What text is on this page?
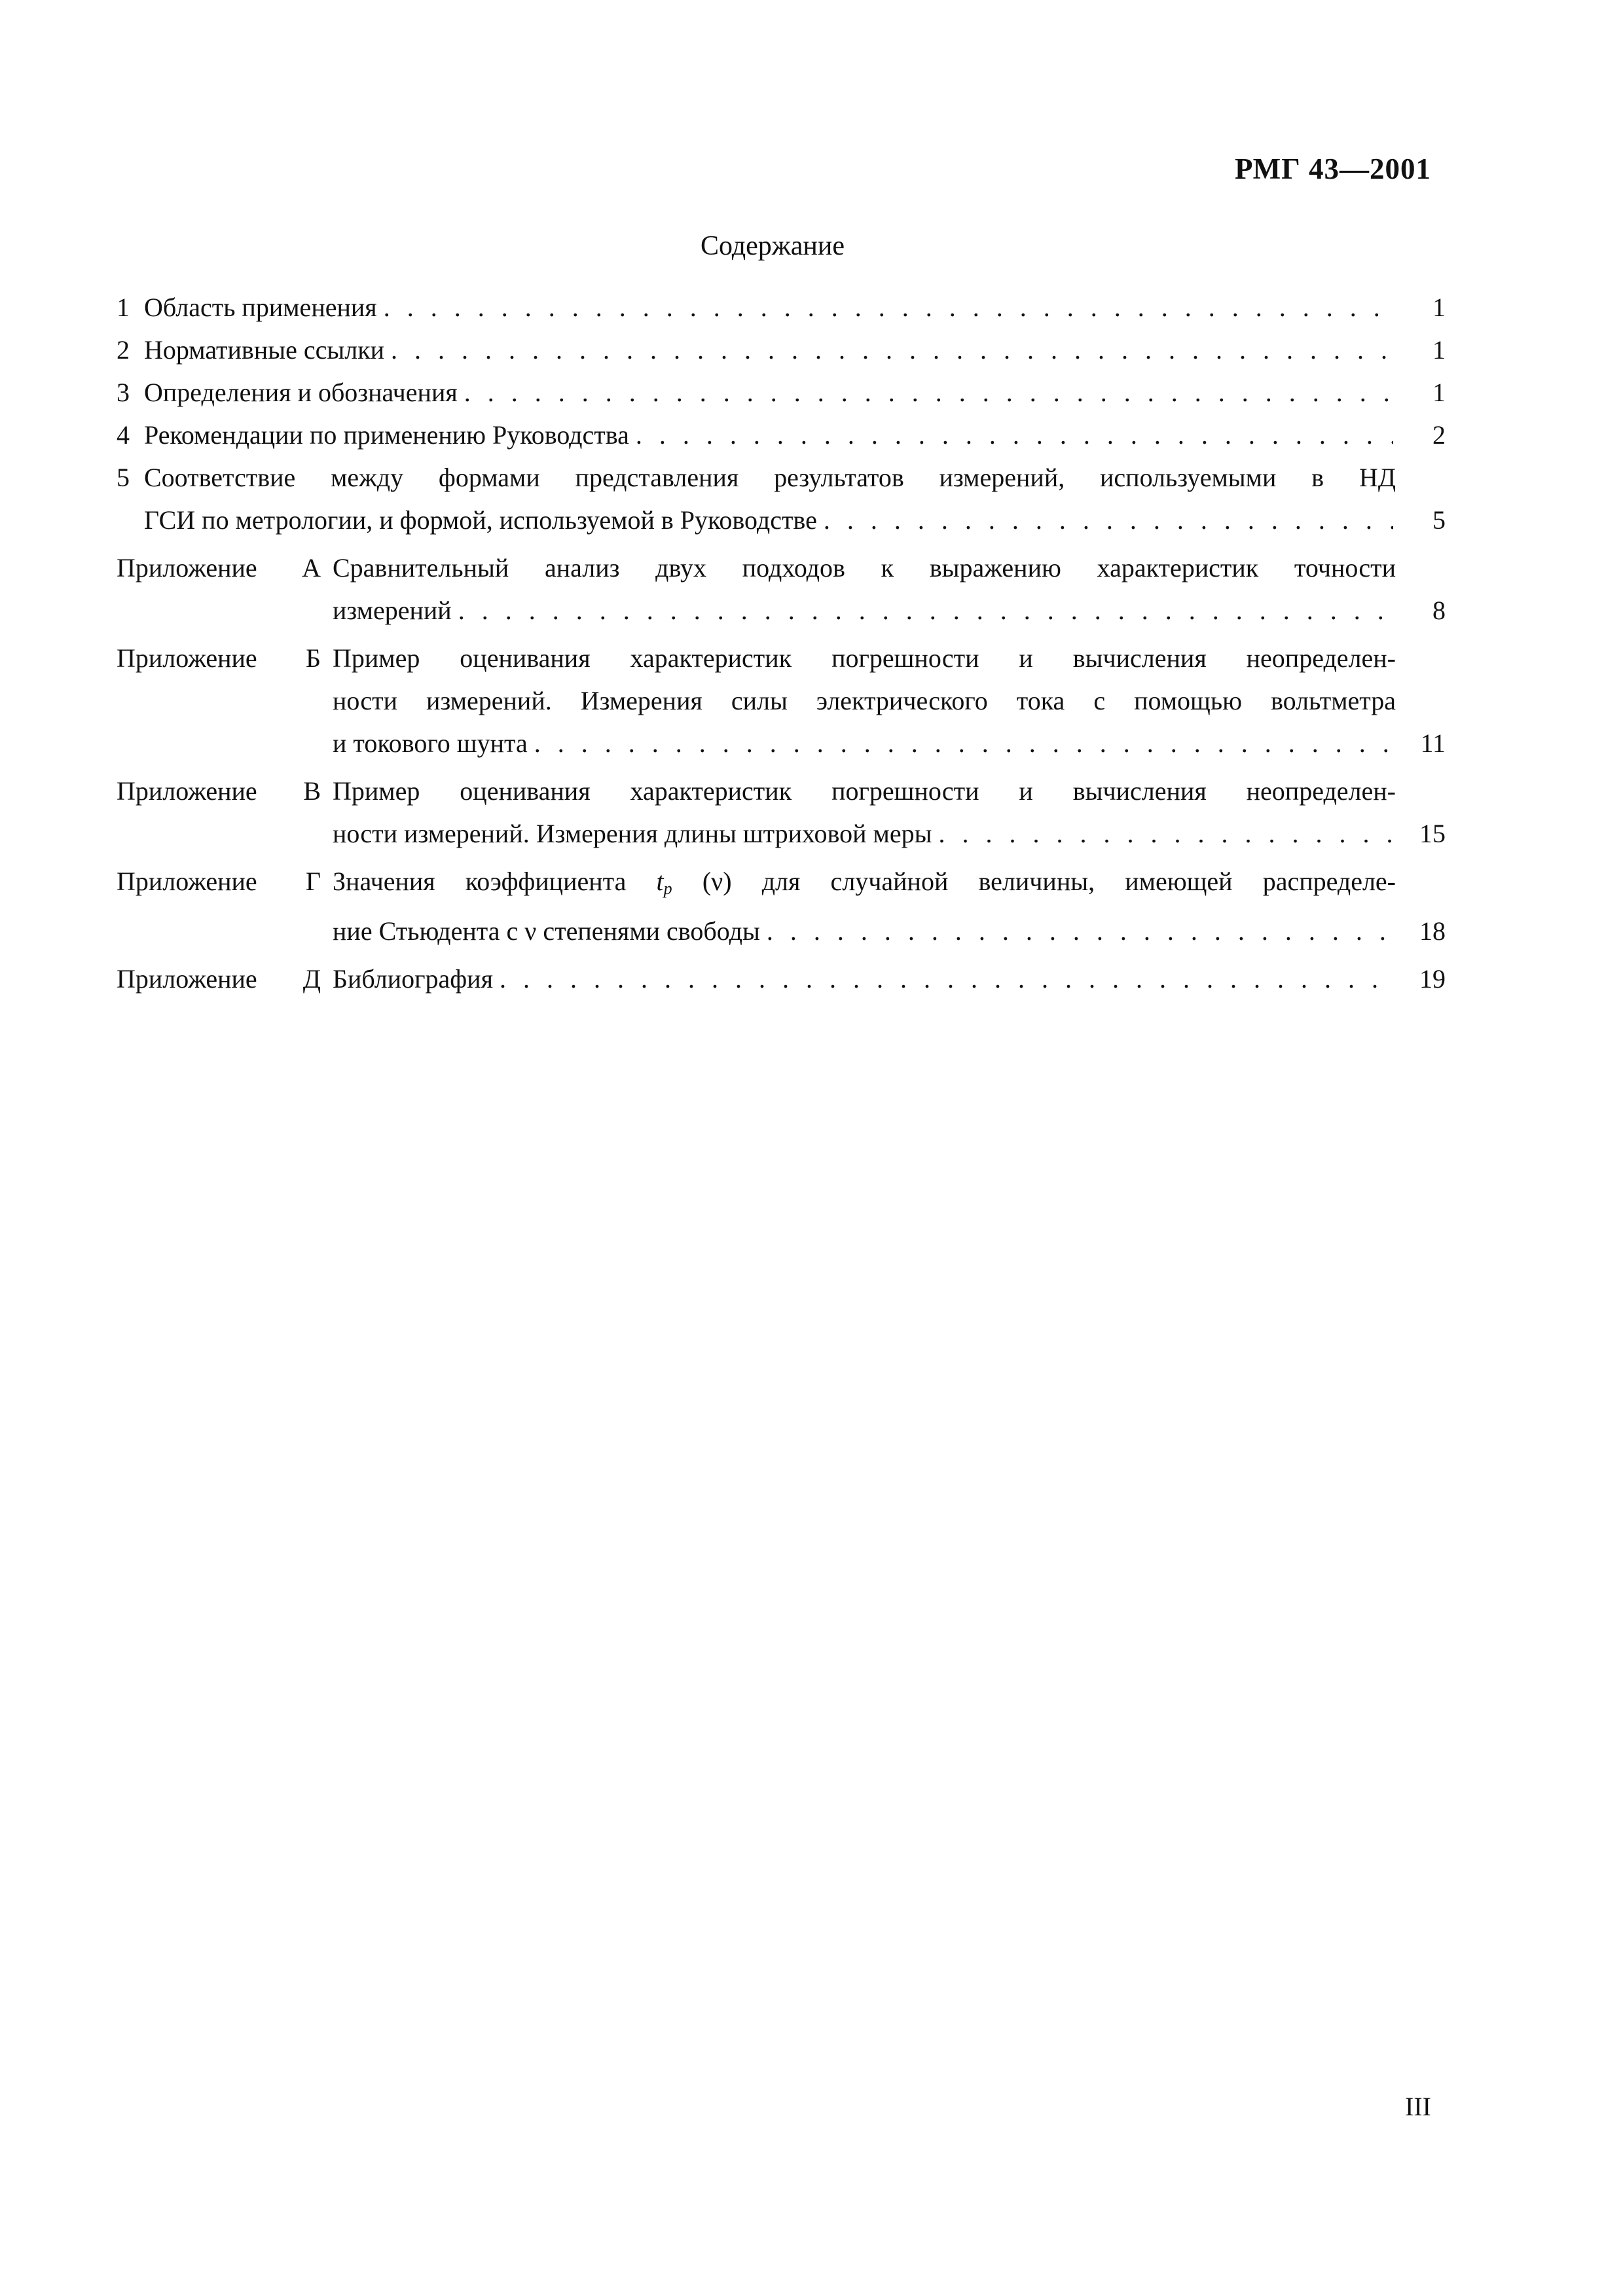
РМГ 43—2001
Содержание
1 Область применения . . .	1
2 Нормативные ссылки . . .	1
3 Определения и обозначения . . .	1
4 Рекомендации по применению Руководства . . .	2
5 Соответствие между формами представления результатов измерений, используемыми в НД
ГСИ по метрологии, и формой, используемой в Руководстве . . .	5
Приложение А Сравнительный анализ двух подходов к выражению характеристик точности
измерений . . .	8
Приложение Б Пример оценивания характеристик погрешности и вычисления неопределен-
ности измерений. Измерения силы электрического тока с помощью вольтметра
и токового шунта . . .	11
Приложение В Пример оценивания характеристик погрешности и вычисления неопределен-
ности измерений. Измерения длины штриховой меры . . .	15
Приложение Г Значения коэффициента $t_p$ (ν) для случайной величины, имеющей распределе-
ние Стьюдента с ν степенями свободы . . .	18
Приложение Д Библиография . . .	19
III
